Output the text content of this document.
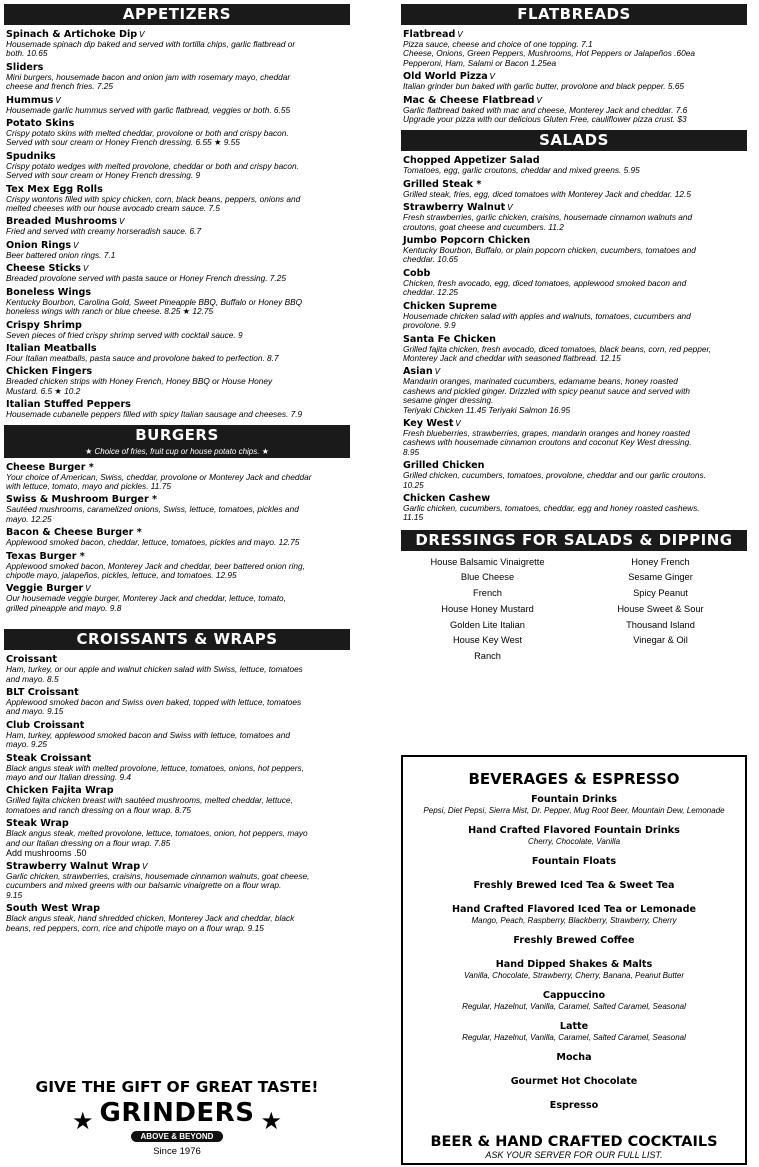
APPETIZERS
Spinach & Artichoke Dip V
Housemade spinach dip baked and served with tortilla chips, garlic flatbread or
both. 10.65
Sliders
Mini burgers, housemade bacon and onion jam with rosemary mayo, cheddar
cheese and french fries. 7.25
Hummus V
Housemade garlic hummus served with garlic flatbread, veggies or both. 6.55
Potato Skins
Crispy potato skins with melted cheddar, provolone or both and crispy bacon.
Served with sour cream or Honey French dressing. 6.55 ★ 9.55
Spudniks
Crispy potato wedges with melted provolone, cheddar or both and crispy bacon.
Served with sour cream or Honey French dressing. 9
Tex Mex Egg Rolls
Crispy wontons filled with spicy chicken, corn, black beans, peppers, onions and
melted cheeses with our house avocado cream sauce. 7.5
Breaded Mushrooms V
Fried and served with creamy horseradish sauce. 6.7
Onion Rings V
Beer battered onion rings. 7.1
Cheese Sticks V
Breaded provolone served with pasta sauce or Honey French dressing. 7.25
Boneless Wings
Kentucky Bourbon, Carolina Gold, Sweet Pineapple BBQ, Buffalo or Honey BBQ
boneless wings with ranch or blue cheese. 8.25 ★ 12.75
Crispy Shrimp
Seven pieces of fried crispy shrimp served with cocktail sauce. 9
Italian Meatballs
Four Italian meatballs, pasta sauce and provolone baked to perfection. 8.7
Chicken Fingers
Breaded chicken strips with Honey French, Honey BBQ or House Honey
Mustard. 6.5 ★ 10.2
Italian Stuffed Peppers
Housemade cubanelle peppers filled with spicy Italian sausage and cheeses. 7.9
BURGERS
★ Choice of fries, fruit cup or house potato chips. ★
Cheese Burger *
Your choice of American, Swiss, cheddar, provolone or Monterey Jack and cheddar
with lettuce, tomato, mayo and pickles. 11.75
Swiss & Mushroom Burger *
Sautéed mushrooms, caramelized onions, Swiss, lettuce, tomatoes, pickles and
mayo. 12.25
Bacon & Cheese Burger *
Applewood smoked bacon, cheddar, lettuce, tomatoes, pickles and mayo. 12.75
Texas Burger *
Applewood smoked bacon, Monterey Jack and cheddar, beer battered onion ring,
chipotle mayo, jalapeños, pickles, lettuce, and tomatoes. 12.95
Veggie Burger V
Our housemade veggie burger, Monterey Jack and cheddar, lettuce, tomato,
grilled pineapple and mayo. 9.8
CROISSANTS & WRAPS
Croissant
Ham, turkey, or our apple and walnut chicken salad with Swiss, lettuce, tomatoes
and mayo. 8.5
BLT Croissant
Applewood smoked bacon and Swiss oven baked, topped with lettuce, tomatoes
and mayo. 9.15
Club Croissant
Ham, turkey, applewood smoked bacon and Swiss with lettuce, tomatoes and
mayo. 9.25
Steak Croissant
Black angus steak with melted provolone, lettuce, tomatoes, onions, hot peppers,
mayo and our Italian dressing. 9.4
Chicken Fajita Wrap
Grilled fajita chicken breast with sautéed mushrooms, melted cheddar, lettuce,
tomatoes and ranch dressing on a flour wrap. 8.75
Steak Wrap
Black angus steak, melted provolone, lettuce, tomatoes, onion, hot peppers, mayo
and our Italian dressing on a flour wrap. 7.85
Add mushrooms .50
Strawberry Walnut Wrap V
Garlic chicken, strawberries, craisins, housemade cinnamon walnuts, goat cheese,
cucumbers and mixed greens with our balsamic vinaigrette on a flour wrap.
9.15
South West Wrap
Black angus steak, hand shredded chicken, Monterey Jack and cheddar, black
beans, red peppers, corn, rice and chipotle mayo on a flour wrap. 9.15
GIVE THE GIFT OF GREAT TASTE!
★ GRINDERS
ABOVE & BEYOND
★
Since 1976
FLATBREADS
Flatbread V
Pizza sauce, cheese and choice of one topping. 7.1
Cheese, Onions, Green Peppers, Mushrooms, Hot Peppers or Jalapeños .60ea
Pepperoni, Ham, Salami or Bacon 1.25ea
Old World Pizza V
Italian grinder bun baked with garlic butter, provolone and black pepper. 5.65
Mac & Cheese Flatbread V
Garlic flatbread baked with mac and cheese, Monterey Jack and cheddar. 7.6
Upgrade your pizza with our delicious Gluten Free, cauliflower pizza crust. $3
SALADS
Chopped Appetizer Salad
Tomatoes, egg, garlic croutons, cheddar and mixed greens. 5.95
Grilled Steak *
Grilled steak, fries, egg, diced tomatoes with Monterey Jack and cheddar. 12.5
Strawberry Walnut V
Fresh strawberries, garlic chicken, craisins, housemade cinnamon walnuts and
croutons, goat cheese and cucumbers. 11.2
Jumbo Popcorn Chicken
Kentucky Bourbon, Buffalo, or plain popcorn chicken, cucumbers, tomatoes and
cheddar. 10.65
Cobb
Chicken, fresh avocado, egg, diced tomatoes, applewood smoked bacon and
cheddar. 12.25
Chicken Supreme
Housemade chicken salad with apples and walnuts, tomatoes, cucumbers and
provolone. 9.9
Santa Fe Chicken
Grilled fajita chicken, fresh avocado, diced tomatoes, black beans, corn, red pepper,
Monterey Jack and cheddar with seasoned flatbread. 12.15
Asian V
Mandarin oranges, marinated cucumbers, edamame beans, honey roasted
cashews and pickled ginger. Drizzled with spicy peanut sauce and served with
sesame ginger dressing.
Teriyaki Chicken 11.45 Teriyaki Salmon 16.95
Key West V
Fresh blueberries, strawberries, grapes, mandarin oranges and honey roasted
cashews with housemade cinnamon croutons and coconut Key West dressing.
8.95
Grilled Chicken
Grilled chicken, cucumbers, tomatoes, provolone, cheddar and our garlic croutons.
10.25
Chicken Cashew
Garlic chicken, cucumbers, tomatoes, cheddar, egg and honey roasted cashews.
11.15
DRESSINGS FOR SALADS & DIPPING
House Balsamic Vinaigrette
Blue Cheese
French
House Honey Mustard
Golden Lite Italian
House Key West
Ranch
Honey French
Sesame Ginger
Spicy Peanut
House Sweet & Sour
Thousand Island
Vinegar & Oil
BEVERAGES & ESPRESSO
Fountain Drinks
Pepsi, Diet Pepsi, Sierra Mist, Dr. Pepper, Mug Root Beer, Mountain Dew, Lemonade
Hand Crafted Flavored Fountain Drinks
Cherry, Chocolate, Vanilla
Fountain Floats
Freshly Brewed Iced Tea & Sweet Tea
Hand Crafted Flavored Iced Tea or Lemonade
Mango, Peach, Raspberry, Blackberry, Strawberry, Cherry
Freshly Brewed Coffee
Hand Dipped Shakes & Malts
Vanilla, Chocolate, Strawberry, Cherry, Banana, Peanut Butter
Cappuccino
Regular, Hazelnut, Vanilla, Caramel, Salted Caramel, Seasonal
Latte
Regular, Hazelnut, Vanilla, Caramel, Salted Caramel, Seasonal
Mocha
Gourmet Hot Chocolate
Espresso
BEER & HAND CRAFTED COCKTAILS
ASK YOUR SERVER FOR OUR FULL LIST.
